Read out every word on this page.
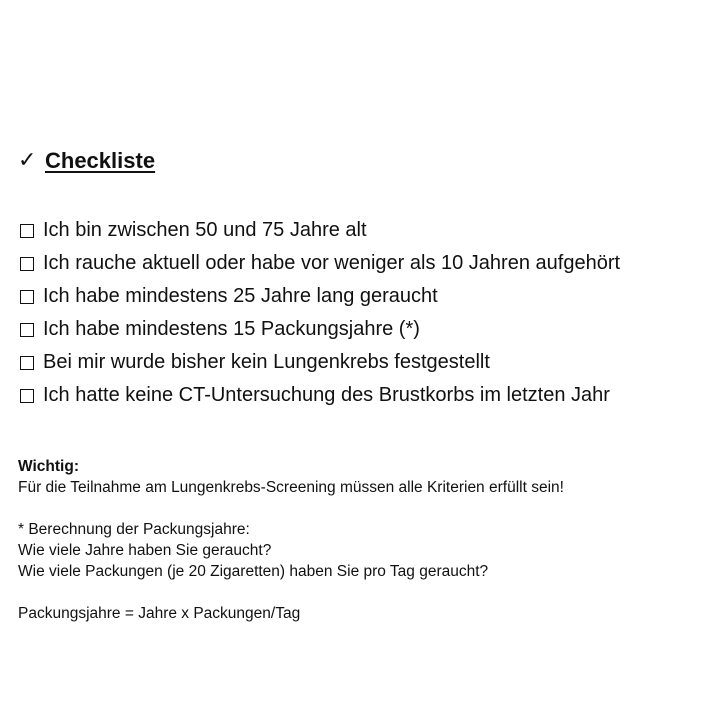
✓ Checkliste
Ich bin zwischen 50 und 75 Jahre alt
Ich rauche aktuell oder habe vor weniger als 10 Jahren aufgehört
Ich habe mindestens 25 Jahre lang geraucht
Ich habe mindestens 15 Packungsjahre (*)
Bei mir wurde bisher kein Lungenkrebs festgestellt
Ich hatte keine CT-Untersuchung des Brustkorbs im letzten Jahr
Wichtig:
Für die Teilnahme am Lungenkrebs-Screening müssen alle Kriterien erfüllt sein!
* Berechnung der Packungsjahre:
Wie viele Jahre haben Sie geraucht?
Wie viele Packungen (je 20 Zigaretten) haben Sie pro Tag geraucht?
Packungsjahre = Jahre x Packungen/Tag
